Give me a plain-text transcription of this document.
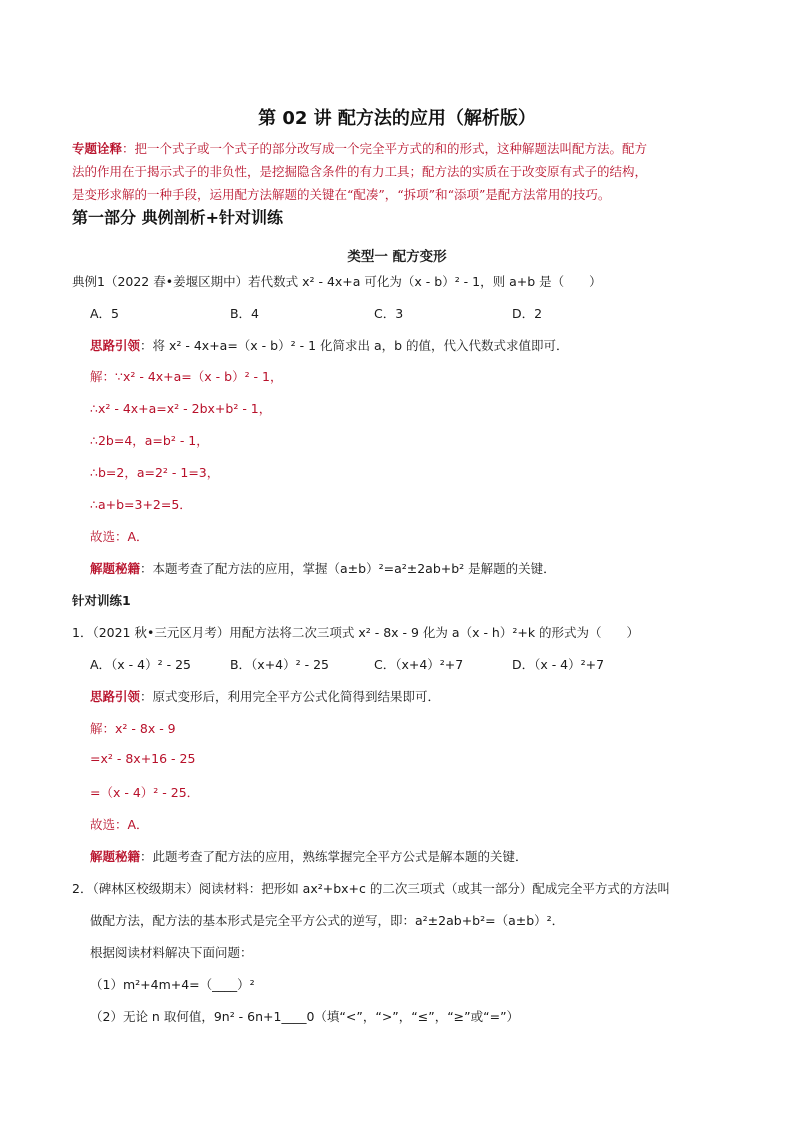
第 02 讲 配方法的应用（解析版）
专题诠释：把一个式子或一个式子的部分改写成一个完全平方式的和的形式，这种解题法叫配方法。配方
法的作用在于揭示式子的非负性，是挖掘隐含条件的有力工具；配方法的实质在于改变原有式子的结构，
是变形求解的一种手段，运用配方法解题的关键在“配凑”，“拆项”和“添项”是配方法常用的技巧。
第一部分 典例剖析+针对训练
类型一 配方变形
典例1（2022 春•姜堰区期中）若代数式 x² - 4x+a 可化为（x - b）² - 1，则 a+b 是（　　）
A．5	B．4	C．3	D．2
思路引领：将 x² - 4x+a=（x - b）² - 1 化简求出 a，b 的值，代入代数式求值即可．
解：∵x² - 4x+a=（x - b）² - 1，
∴x² - 4x+a=x² - 2bx+b² - 1，
∴2b=4，a=b² - 1，
∴b=2，a=2² - 1=3，
∴a+b=3+2=5．
故选：A．
解题秘籍：本题考查了配方法的应用，掌握（a±b）²=a²±2ab+b² 是解题的关键．
针对训练1
1．（2021 秋•三元区月考）用配方法将二次三项式 x² - 8x - 9 化为 a（x - h）²+k 的形式为（　　）
A．（x - 4）² - 25	B．（x+4）² - 25	C．（x+4）²+7	D．（x - 4）²+7
思路引领：原式变形后，利用完全平方公式化简得到结果即可．
解：x² - 8x - 9
=x² - 8x+16 - 25
=（x - 4）² - 25．
故选：A．
解题秘籍：此题考查了配方法的应用，熟练掌握完全平方公式是解本题的关键．
2．（碑林区校级期末）阅读材料：把形如 ax²+bx+c 的二次三项式（或其一部分）配成完全平方式的方法叫
做配方法，配方法的基本形式是完全平方公式的逆写，即：a²±2ab+b²=（a±b）²．
根据阅读材料解决下面问题：
（1）m²+4m+4=（____）²
（2）无论 n 取何值，9n² - 6n+1____0（填“<”，“>”，“≤”，“≥”或“=”）
